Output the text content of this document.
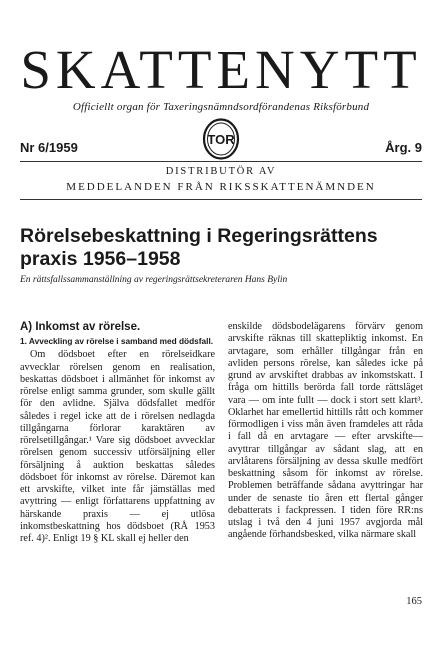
SKATTENYTT
Officiellt organ för Taxeringsnämndsordförandenas Riksförbund
Nr 6/1959
TOR
Årg. 9
DISTRIBUTÖR AV
MEDDELANDEN FRÅN RIKSSKATTENÄMNDEN
Rörelsebeskattning i Regeringsrättens praxis 1956–1958
En rättsfallssammanställning av regeringsrättsekreteraren Hans Bylin
A) Inkomst av rörelse.
1. Avveckling av rörelse i samband med dödsfall.

Om dödsboet efter en rörelseidkare avvecklar rörelsen genom en realisation, beskattas dödsboet i allmänhet för inkomst av rörelse enligt samma grunder, som skulle gällt för den avlidne. Själva dödsfallet medför således i regel icke att de i rörelsen nedlagda tillgångarna förlorar karaktären av rörelsetillgångar.¹ Vare sig dödsboet avvecklar rörelsen genom successiv utförsäljning eller försäljning å auktion beskattas således dödsboet för inkomst av rörelse. Däremot kan ett arvskifte, vilket inte får jämställas med avyttring — enligt författarens uppfattning av härskande praxis — ej utlösa inkomstbeskattning hos dödsboet (RÅ 1953 ref. 4)². Enligt 19 § KL skall ej heller den

enskilde dödsbodelägarens förvärv genom arvskifte räknas till skattepliktig inkomst. En arvtagare, som erhåller tillgångar från en avliden persons rörelse, kan således icke på grund av arvskiftet drabbas av inkomstskatt. I fråga om hittills berörda fall torde rättsläget vara — om inte fullt — dock i stort sett klart³. Oklarhet har emellertid hittills rått och kommer förmodligen i viss mån även framdeles att råda i fall då en arvtagare — efter arvskifte—avyttrar tillgångar av sådant slag, att en arvlåtarens försäljning av dessa skulle medfört beskattning såsom för inkomst av rörelse. Problemen beträffande sådana avyttringar har under de senaste tio åren ett flertal gånger debatterats i fackpressen. I tiden före RR:ns utslag i två den 4 juni 1957 avgjorda mål angående förhandsbesked, vilka närmare skall

165
